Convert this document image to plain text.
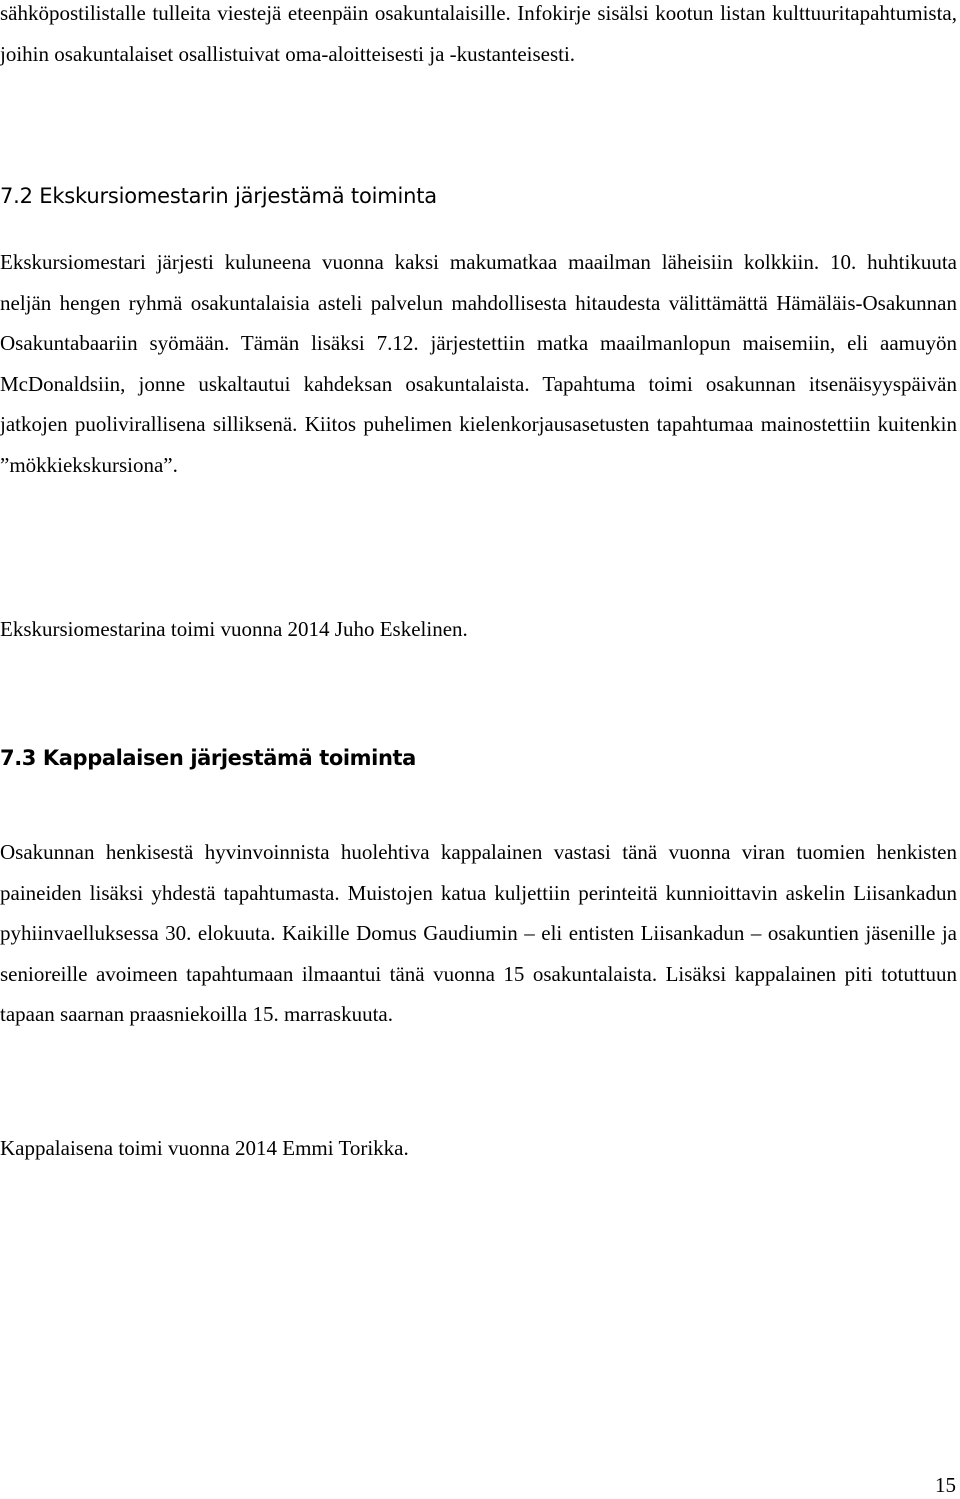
sähköpostilistalle tulleita viestejä eteenpäin osakuntalaisille. Infokirje sisälsi kootun listan kulttuuritapahtumista, joihin osakuntalaiset osallistuivat oma-aloitteisesti ja -kustanteisesti.

7.2 Ekskursiomestarin järjestämä toiminta

Ekskursiomestari järjesti kuluneena vuonna kaksi makumatkaa maailman läheisiin kolkkiin. 10. huhtikuuta neljän hengen ryhmä osakuntalaisia asteli palvelun mahdollisesta hitaudesta välittämättä Hämäläis-Osakunnan Osakuntabaariin syömään. Tämän lisäksi 7.12. järjestettiin matka maailmanlopun maisemiin, eli aamuyön McDonaldsiin, jonne uskaltautui kahdeksan osakuntalaista. Tapahtuma toimi osakunnan itsenäisyyspäivän jatkojen puolivirallisena silliksenä. Kiitos puhelimen kielenkorjausasetusten tapahtumaa mainostettiin kuitenkin ”mökkiekskursiona”.

Ekskursiomestarina toimi vuonna 2014 Juho Eskelinen.

7.3 Kappalaisen järjestämä toiminta

Osakunnan henkisestä hyvinvoinnista huolehtiva kappalainen vastasi tänä vuonna viran tuomien henkisten paineiden lisäksi yhdestä tapahtumasta. Muistojen katua kuljettiin perinteitä kunnioittavin askelin Liisankadun pyhiinvaelluksessa 30. elokuuta. Kaikille Domus Gaudiumin – eli entisten Liisankadun – osakuntien jäsenille ja senioreille avoimeen tapahtumaan ilmaantui tänä vuonna 15 osakuntalaista. Lisäksi kappalainen piti totuttuun tapaan saarnan praasniekoilla 15. marraskuuta.

Kappalaisena toimi vuonna 2014 Emmi Torikka.

15
